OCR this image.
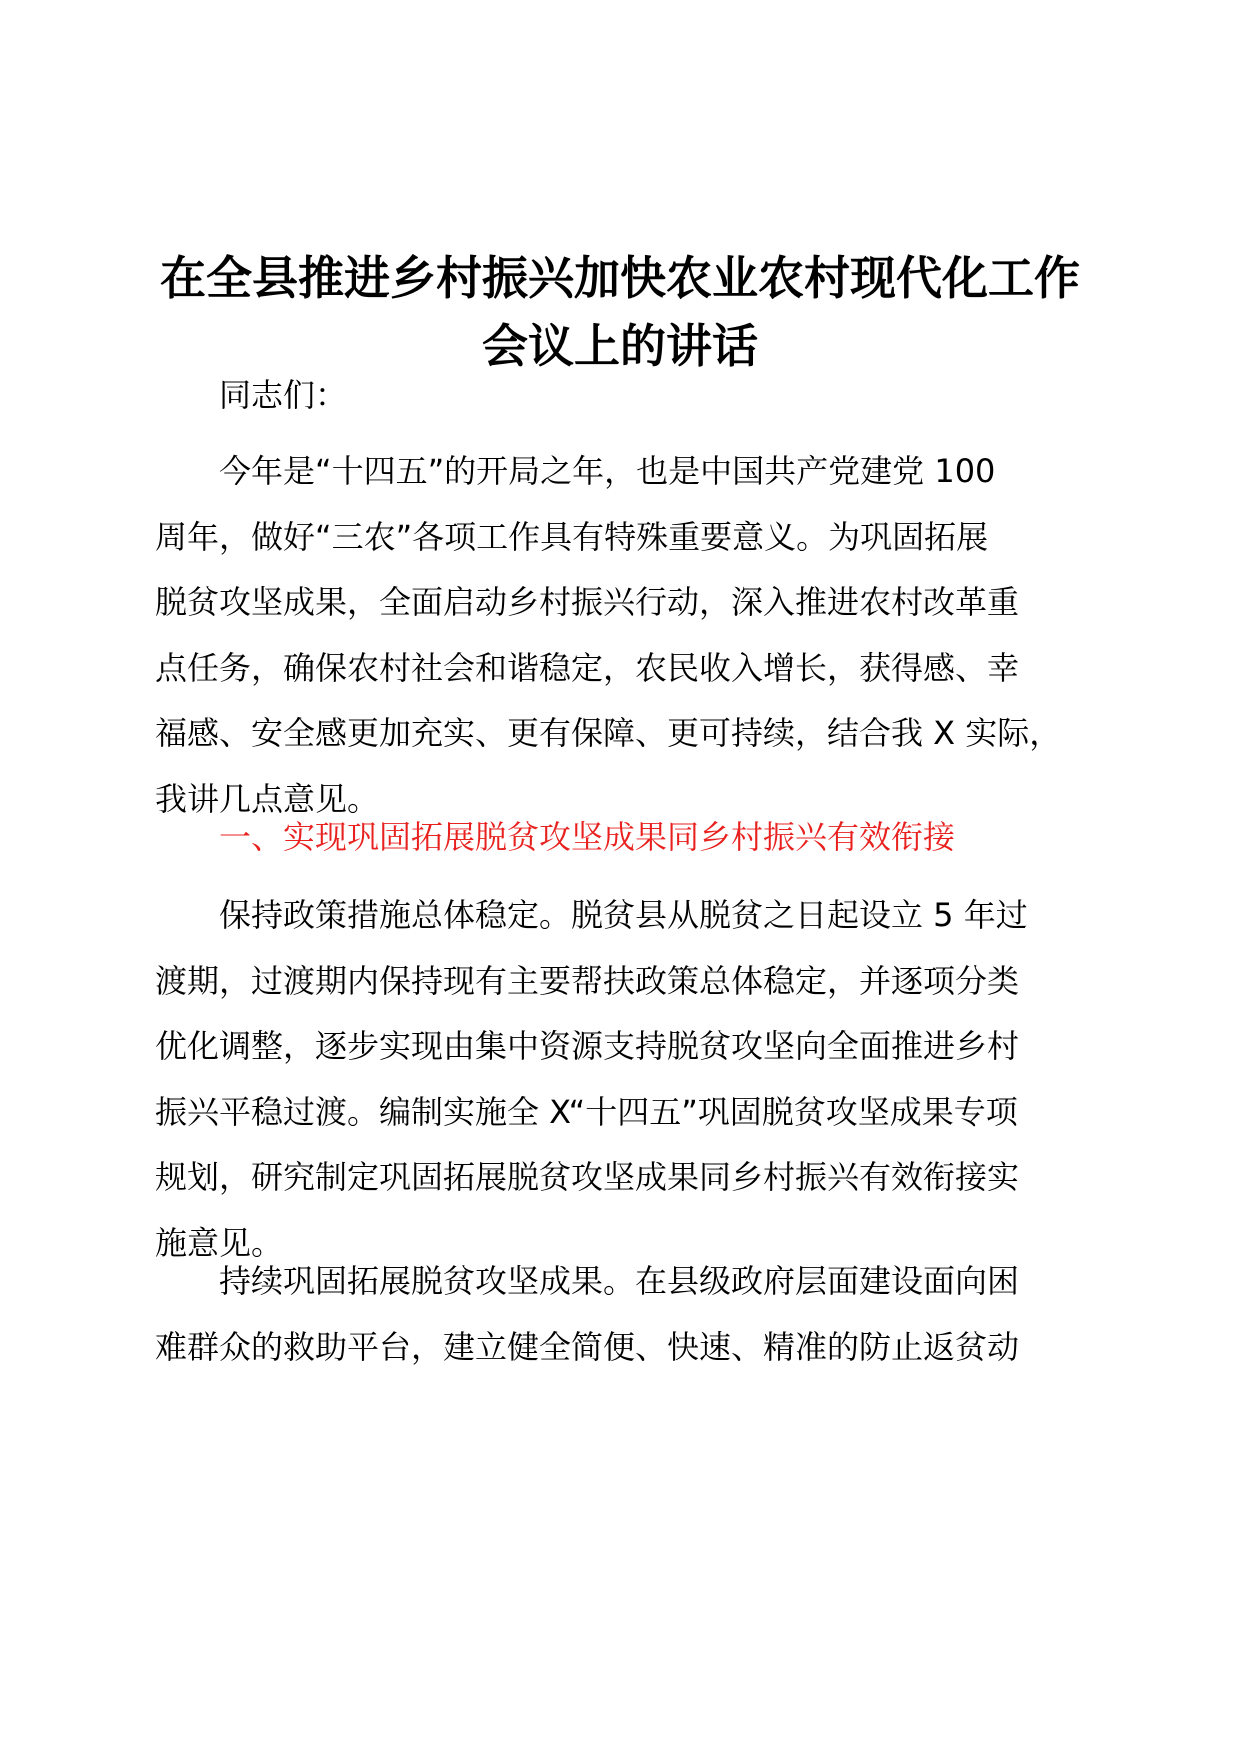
在全县推进乡村振兴加快农业农村现代化工作
会议上的讲话
同志们：
今年是“十四五”的开局之年，也是中国共产党建党 100
周年，做好“三农”各项工作具有特殊重要意义。为巩固拓展
脱贫攻坚成果，全面启动乡村振兴行动，深入推进农村改革重
点任务，确保农村社会和谐稳定，农民收入增长，获得感、幸
福感、安全感更加充实、更有保障、更可持续，结合我 X 实际，
我讲几点意见。
一、实现巩固拓展脱贫攻坚成果同乡村振兴有效衔接
保持政策措施总体稳定。脱贫县从脱贫之日起设立 5 年过
渡期，过渡期内保持现有主要帮扶政策总体稳定，并逐项分类
优化调整，逐步实现由集中资源支持脱贫攻坚向全面推进乡村
振兴平稳过渡。编制实施全 X“十四五”巩固脱贫攻坚成果专项
规划，研究制定巩固拓展脱贫攻坚成果同乡村振兴有效衔接实
施意见。
持续巩固拓展脱贫攻坚成果。在县级政府层面建设面向困
难群众的救助平台，建立健全简便、快速、精准的防止返贫动
